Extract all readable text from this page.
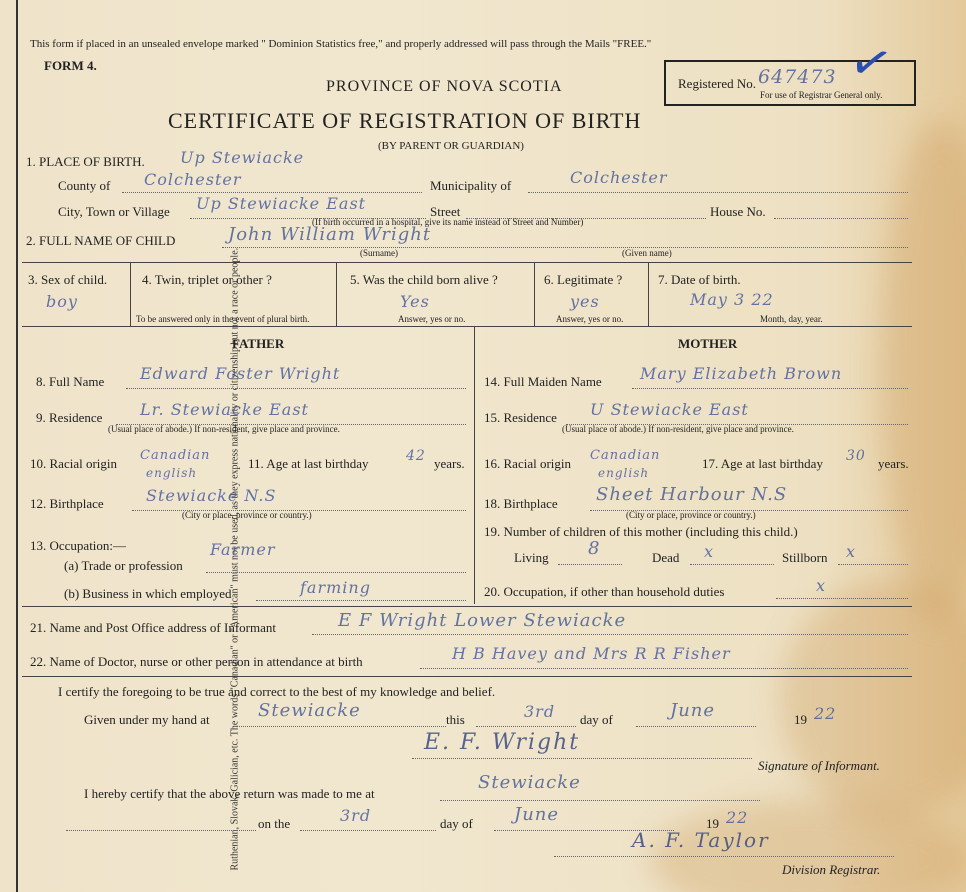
Ruthenian, Slovak, Galician, etc. The words "Canadian" or "American" must not be used, as they express nationality or citizenship but not a race or people.
This form if placed in an unsealed envelope marked " Dominion Statistics free," and properly addressed will pass through the Mails "FREE."
FORM 4.
PROVINCE OF NOVA SCOTIA
CERTIFICATE OF REGISTRATION OF BIRTH
(BY PARENT OR GUARDIAN)
Registered No. 647473
For use of Registrar General only.
✓
1. PLACE OF BIRTH. Up Stewiacke
County of Colchester	Municipality of	Colchester
City, Town or Village Up Stewiacke East	Street	House No.
(If birth occurred in a hospital, give its name instead of Street and Number)
2. FULL NAME OF CHILD	John William Wright
(Surname)	(Given name)
3. Sex of child.
boy
4. Twin, triplet or other ?
To be answered only in the event of plural birth.
5. Was the child born alive ?
Yes
Answer, yes or no.
6. Legitimate ?
yes
Answer, yes or no.
7. Date of birth.
May 3 22
Month, day, year.
FATHER	MOTHER
8. Full Name Edward Foster Wright
9. Residence Lr. Stewiacke East
(Usual place of abode.) If non-resident, give place and province.
10. Racial origin
Canadian
english
11. Age at last birthday	42 years.
12. Birthplace	Stewiacke N.S
(City or place, province or country.)
13. Occupation:—
(a) Trade or profession
Farmer
(b) Business in which employed	farming
14. Full Maiden Name Mary Elizabeth Brown
15. Residence U Stewiacke East
(Usual place of abode.) If non-resident, give place and province.
16. Racial origin
Canadian
english
17. Age at last birthday 30 years.
18. Birthplace Sheet Harbour N.S
(City or place, province or country.)
19. Number of children of this mother (including this child.)
Living 8	Dead x	Stillborn x
20. Occupation, if other than household duties	x
21. Name and Post Office address of Informant	E F Wright Lower Stewiacke
22. Name of Doctor, nurse or other person in attendance at birth	H B Havey and Mrs R R Fisher
I certify the foregoing to be true and correct to the best of my knowledge and belief.
Given under my hand at	Stewiacke	this	3rd day of	June	19 22
E. F. Wright
Signature of Informant.
I hereby certify that the above return was made to me at
Stewiacke
on the	3rd	day of June	19 22
A. F. Taylor
Division Registrar.
